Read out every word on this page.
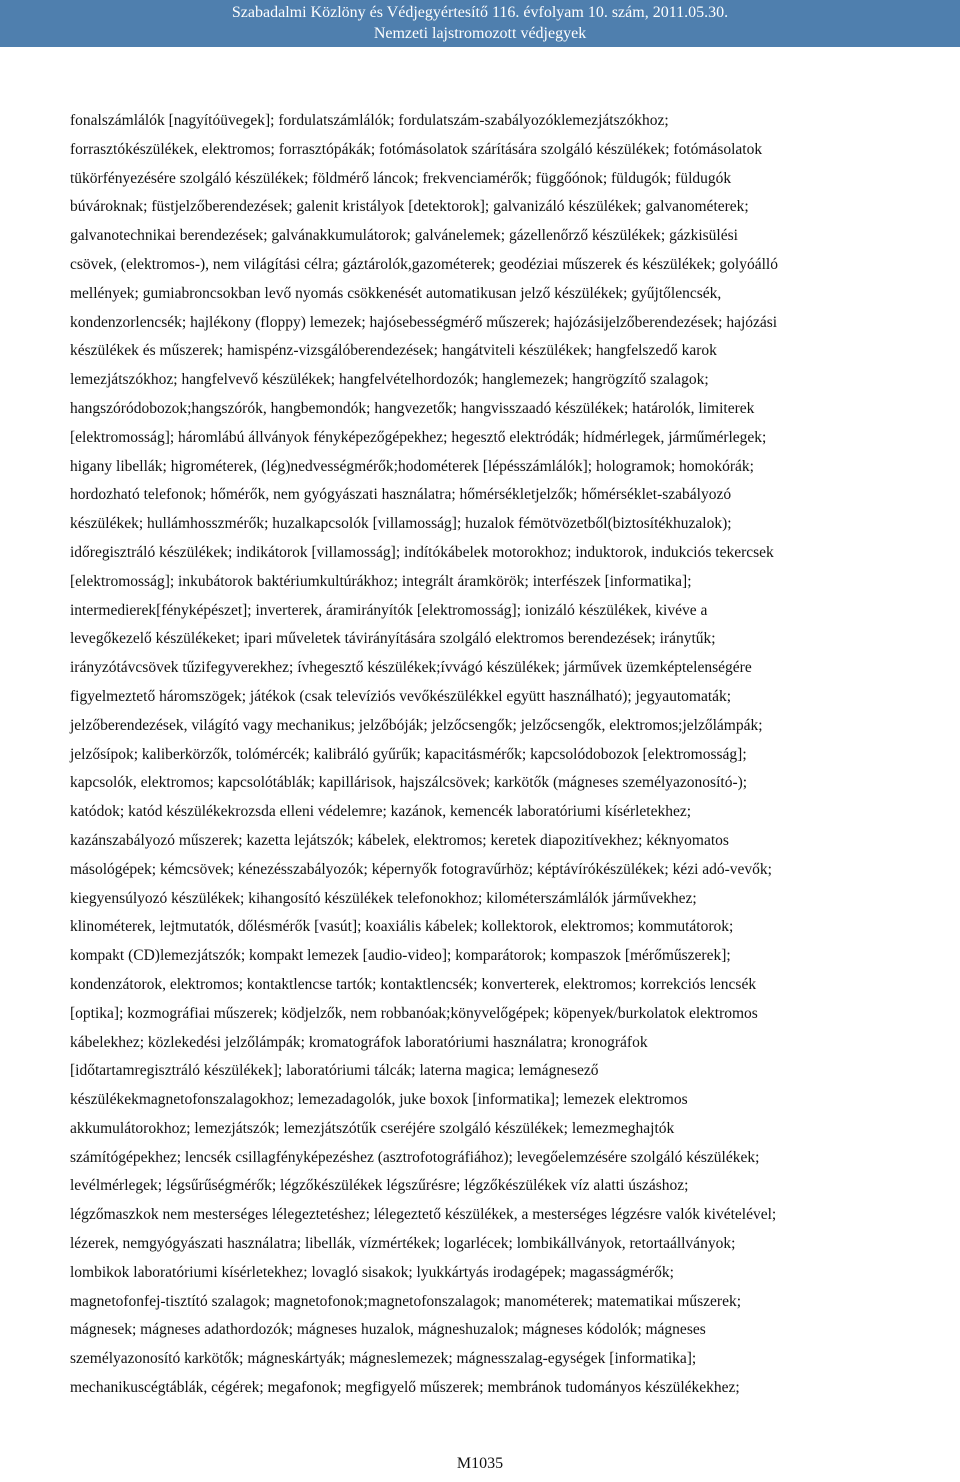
Szabadalmi Közlöny és Védjegyértesítő 116. évfolyam 10. szám, 2011.05.30.
Nemzeti lajstromozott védjegyek
fonalszámlálók [nagyítóüvegek]; fordulatszámlálók; fordulatszám-szabályozóklemezjátszókhoz;
forrasztókészülékek, elektromos; forrasztópákák; fotómásolatok szárítására szolgáló készülékek; fotómásolatok
tükörfényezésére szolgáló készülékek; földmérő láncok; frekvenciamérők; függőónok; füldugók; füldugók
búvároknak; füstjelzőberendezések; galenit kristályok [detektorok]; galvanizáló készülékek; galvanométerek;
galvanotechnikai berendezések; galvánakkumulátorok; galvánelemek; gázellenőrző készülékek; gázkisülési
csövek, (elektromos-), nem világítási célra; gáztárolók,gazométerek; geodéziai műszerek és készülékek; golyóálló
mellények; gumiabroncsokban levő nyomás csökkenését automatikusan jelző készülékek; gyűjtőlencsék,
kondenzorlencsék; hajlékony (floppy) lemezek; hajósebességmérő műszerek; hajózásijelzőberendezések; hajózási
készülékek és műszerek; hamispénz-vizsgálóberendezések; hangátviteli készülékek; hangfelszedő karok
lemezjátszókhoz; hangfelvevő készülékek; hangfelvételhordozók; hanglemezek; hangrögzítő szalagok;
hangszóródobozok;hangszórók, hangbemondók; hangvezetők; hangvisszaadó készülékek; határolók, limiterek
[elektromosság]; háromlábú állványok fényképezőgépekhez; hegesztő elektródák; hídmérlegek, járműmérlegek;
higany libellák; higrométerek, (lég)nedvességmérők;hodométerek [lépésszámlálók]; hologramok; homokórák;
hordozható telefonok; hőmérők, nem gyógyászati használatra; hőmérsékletjelzők; hőmérséklet-szabályozó
készülékek; hullámhosszmérők; huzalkapcsolók [villamosság]; huzalok fémötvözetből(biztosítékhuzalok);
időregisztráló készülékek; indikátorok [villamosság]; indítókábelek motorokhoz; induktorok, indukciós tekercsek
[elektromosság]; inkubátorok baktériumkultúrákhoz; integrált áramkörök; interfészek [informatika];
intermedierek[fényképészet]; inverterek, áramirányítók [elektromosság]; ionizáló készülékek, kivéve a
levegőkezelő készülékeket; ipari műveletek távirányítására szolgáló elektromos berendezések; iránytűk;
irányzótávcsövek tűzifegyverekhez; ívhegesztő készülékek;ívvágó készülékek; járművek üzemképtelenségére
figyelmeztető háromszögek; játékok (csak televíziós vevőkészülékkel együtt használható); jegyautomaták;
jelzőberendezések, világító vagy mechanikus; jelzőbóják; jelzőcsengők; jelzőcsengők, elektromos;jelzőlámpák;
jelzősípok; kaliberkörzők, tolómércék; kalibráló gyűrűk; kapacitásmérők; kapcsolódobozok [elektromosság];
kapcsolók, elektromos; kapcsolótáblák; kapillárisok, hajszálcsövek; karkötők (mágneses személyazonosító-);
katódok; katód készülékekrozsda elleni védelemre; kazánok, kemencék laboratóriumi kísérletekhez;
kazánszabályozó műszerek; kazetta lejátszók; kábelek, elektromos; keretek diapozitívekhez; kéknyomatos
másológépek; kémcsövek; kénezésszabályozók; képernyők fotogravűrhöz; képtávírókészülékek; kézi adó-vevők;
kiegyensúlyozó készülékek; kihangosító készülékek telefonokhoz; kilométerszámlálók járművekhez;
klinométerek, lejtmutatók, dőlésmérők [vasút]; koaxiális kábelek; kollektorok, elektromos; kommutátorok;
kompakt (CD)lemezjátszók; kompakt lemezek [audio-video]; komparátorok; kompaszok [mérőműszerek];
kondenzátorok, elektromos; kontaktlencse tartók; kontaktlencsék; konverterek, elektromos; korrekciós lencsék
[optika]; kozmográfiai műszerek; ködjelzők, nem robbanóak;könyvelőgépek; köpenyek/burkolatok elektromos
kábelekhez; közlekedési jelzőlámpák; kromatográfok laboratóriumi használatra; kronográfok
[időtartamregisztráló készülékek]; laboratóriumi tálcák; laterna magica; lemágnesező
készülékekmagnetofonszalagokhoz; lemezadagolók, juke boxok [informatika]; lemezek elektromos
akkumulátorokhoz; lemezjátszók; lemezjátszótűk cseréjére szolgáló készülékek; lemezmeghajtók
számítógépekhez; lencsék csillagfényképezéshez (asztrofotográfiához); levegőelemzésére szolgáló készülékek;
levélmérlegek; légsűrűségmérők; légzőkészülékek légszűrésre; légzőkészülékek víz alatti úszáshoz;
légzőmaszkok nem mesterséges lélegeztetéshez; lélegeztető készülékek, a mesterséges légzésre valók kivételével;
lézerek, nemgyógyászati használatra; libellák, vízmértékek; logarlécek; lombikállványok, retortaállványok;
lombikok laboratóriumi kísérletekhez; lovagló sisakok; lyukkártyás irodagépek; magasságmérők;
magnetofonfej-tisztító szalagok; magnetofonok;magnetofonszalagok; manométerek; matematikai műszerek;
mágnesek; mágneses adathordozók; mágneses huzalok, mágneshuzalok; mágneses kódolók; mágneses
személyazonosító karkötők; mágneskártyák; mágneslemezek; mágnesszalag-egységek [informatika];
mechanikuscégtáblák, cégérek; megafonok; megfigyelő műszerek; membránok tudományos készülékekhez;
M1035
